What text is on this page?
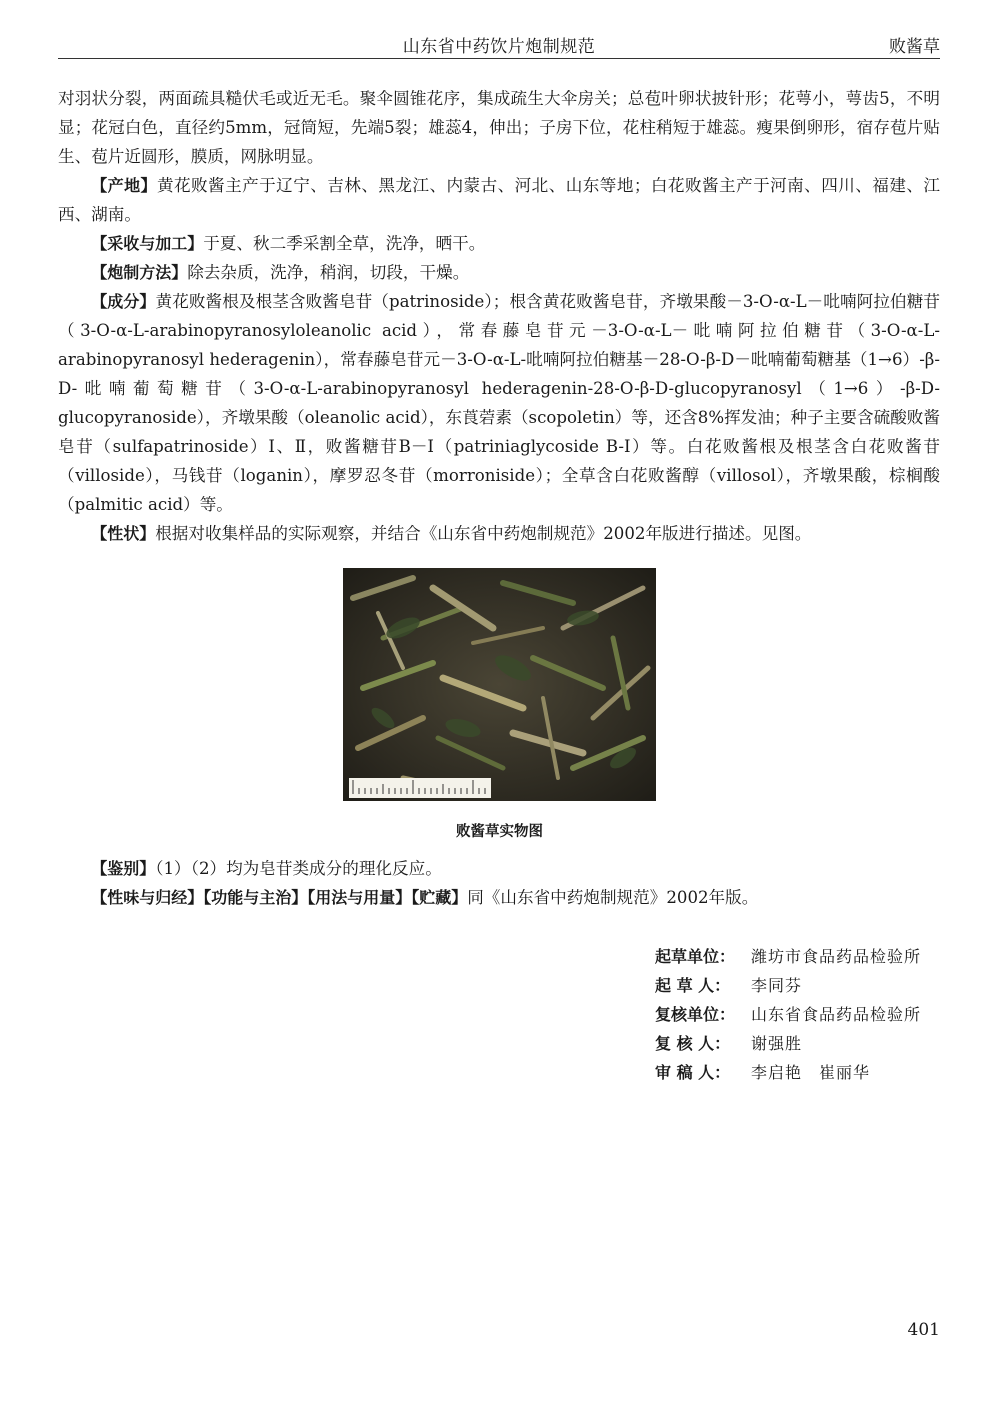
山东省中药饮片炮制规范	败酱草

对羽状分裂，两面疏具糙伏毛或近无毛。聚伞圆锥花序，集成疏生大伞房关；总苞叶卵状披针形；花萼小，萼齿5，不明显；花冠白色，直径约5mm，冠筒短，先端5裂；雄蕊4，伸出；子房下位，花柱稍短于雄蕊。瘦果倒卵形，宿存苞片贴生、苞片近圆形，膜质，网脉明显。

【产地】黄花败酱主产于辽宁、吉林、黑龙江、内蒙古、河北、山东等地；白花败酱主产于河南、四川、福建、江西、湖南。

【采收与加工】于夏、秋二季采割全草，洗净，晒干。

【炮制方法】除去杂质，洗净，稍润，切段，干燥。

【成分】黄花败酱根及根茎含败酱皂苷（patrinoside）；根含黄花败酱皂苷，齐墩果酸－3-O-α-L－吡喃阿拉伯糖苷（3-O-α-L-arabinopyranosyloleanolic acid），常春藤皂苷元－3-O-α-L－吡喃阿拉伯糖苷（3-O-α-L-arabinopyranosyl hederagenin），常春藤皂苷元－3-O-α-L-吡喃阿拉伯糖基－28-O-β-D－吡喃葡萄糖基（1→6）-β-D-吡喃葡萄糖苷（3-O-α-L-arabinopyranosyl hederagenin-28-O-β-D-glucopyranosyl（1→6）-β-D-glucopyranoside），齐墩果酸（oleanolic acid），东莨菪素（scopoletin）等，还含8%挥发油；种子主要含硫酸败酱皂苷（sulfapatrinoside）Ⅰ、Ⅱ，败酱糖苷B－I（patriniaglycoside B-I）等。白花败酱根及根茎含白花败酱苷（villoside），马钱苷（loganin），摩罗忍冬苷（morroniside）；全草含白花败酱醇（villosol），齐墩果酸，棕榈酸（palmitic acid）等。

【性状】根据对收集样品的实际观察，并结合《山东省中药炮制规范》2002年版进行描述。见图。

败酱草实物图

【鉴别】（1）（2）均为皂苷类成分的理化反应。

【性味与归经】【功能与主治】【用法与用量】【贮藏】同《山东省中药炮制规范》2002年版。

起草单位： 潍坊市食品药品检验所
起 草 人： 李同芬
复核单位： 山东省食品药品检验所
复 核 人： 谢强胜
审 稿 人： 李启艳　崔丽华
401
